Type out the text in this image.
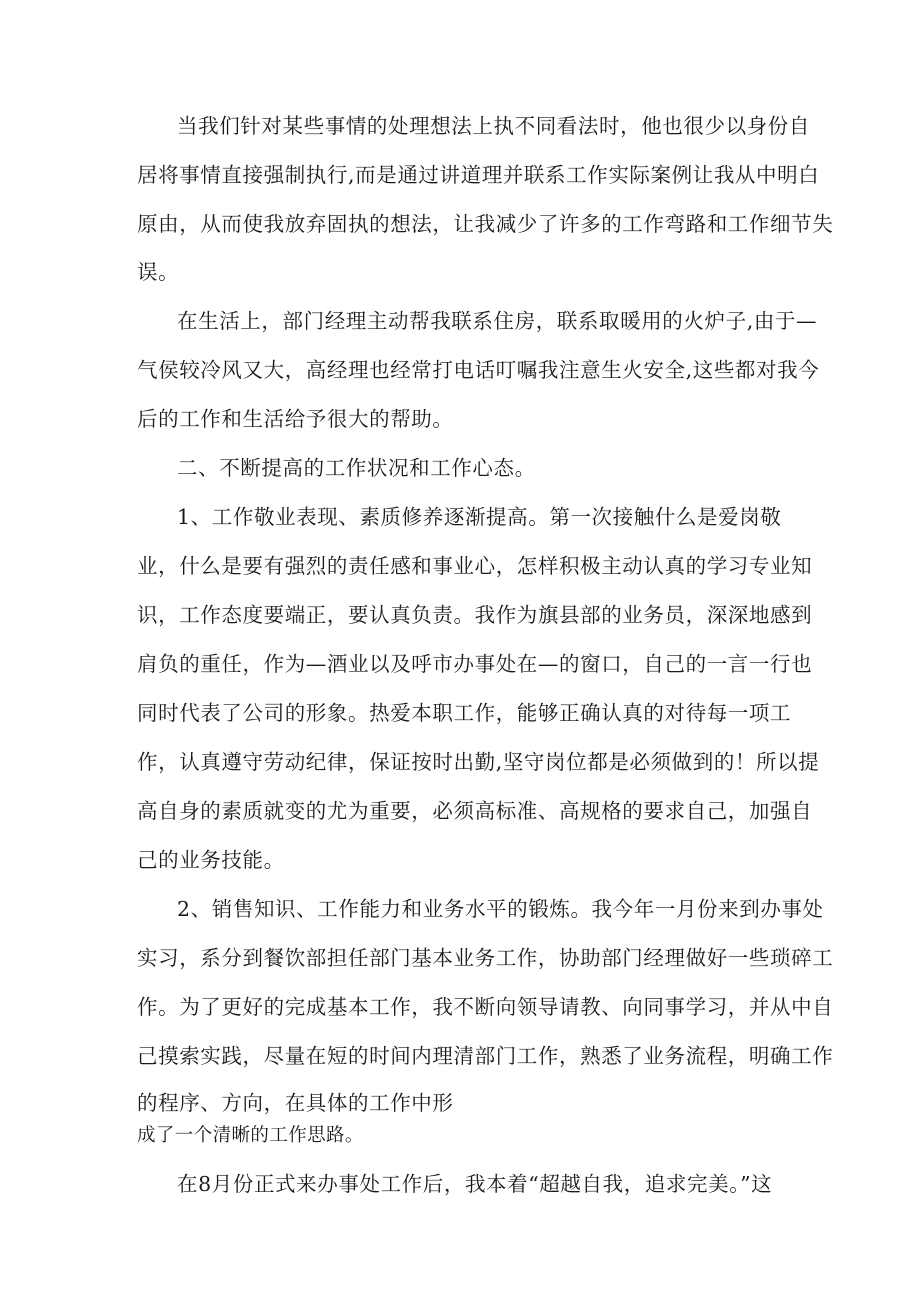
当我们针对某些事情的处理想法上执不同看法时，他也很少以身份自
居将事情直接强制执行,而是通过讲道理并联系工作实际案例让我从中明白
原由，从而使我放弃固执的想法，让我减少了许多的工作弯路和工作细节失
误。
在生活上，部门经理主动帮我联系住房，联系取暖用的火炉子,由于—
气侯较冷风又大，高经理也经常打电话叮嘱我注意生火安全,这些都对我今
后的工作和生活给予很大的帮助。
二、不断提高的工作状况和工作心态。
1、工作敬业表现、素质修养逐渐提高。第一次接触什么是爱岗敬
业，什么是要有强烈的责任感和事业心，怎样积极主动认真的学习专业知
识，工作态度要端正，要认真负责。我作为旗县部的业务员，深深地感到
肩负的重任，作为—酒业以及呼市办事处在—的窗口，自己的一言一行也
同时代表了公司的形象。热爱本职工作，能够正确认真的对待每一项工
作，认真遵守劳动纪律，保证按时出勤,坚守岗位都是必须做到的！所以提
高自身的素质就变的尤为重要，必须高标准、高规格的要求自己，加强自
己的业务技能。
2、销售知识、工作能力和业务水平的锻炼。我今年一月份来到办事处
实习，系分到餐饮部担任部门基本业务工作，协助部门经理做好一些琐碎工
作。为了更好的完成基本工作，我不断向领导请教、向同事学习，并从中自
己摸索实践，尽量在短的时间内理清部门工作，熟悉了业务流程，明确工作
的程序、方向，在具体的工作中形
成了一个清晰的工作思路。
在8月份正式来办事处工作后，我本着“超越自我，追求完美。”这
